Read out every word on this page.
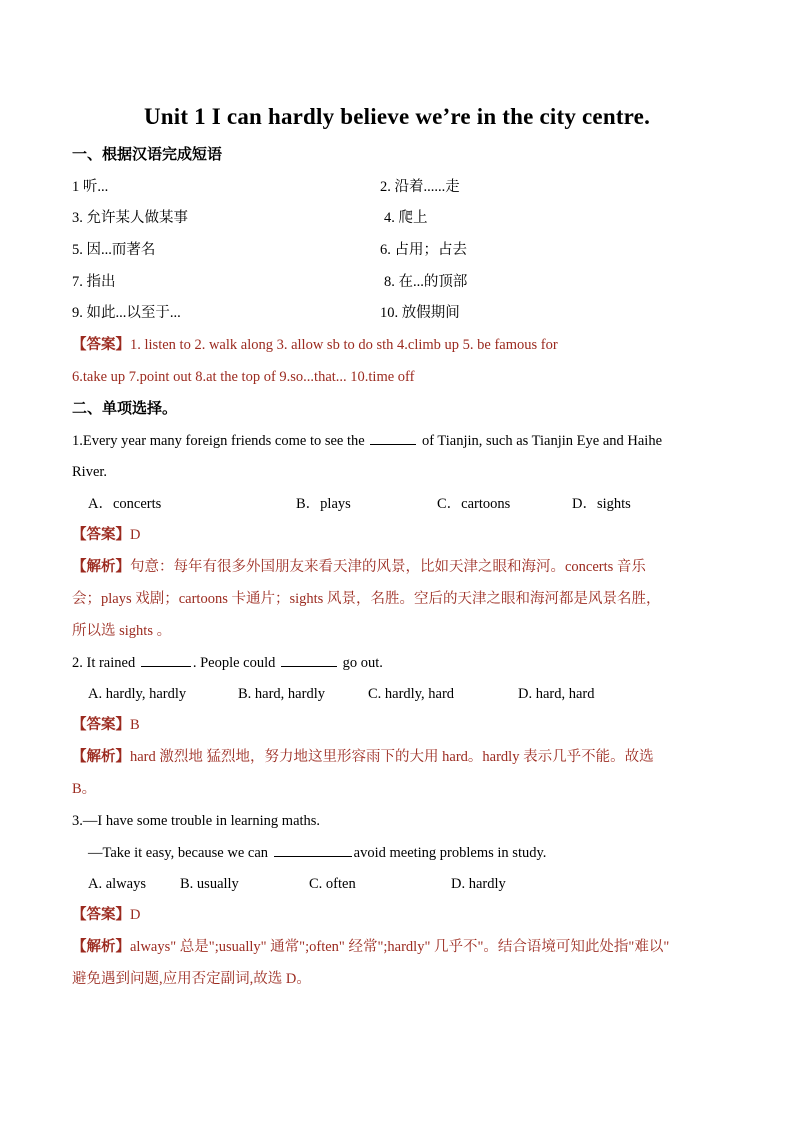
Unit 1 I can hardly believe we’re in the city centre.
一、根据汉语完成短语
1 听...	2. 沿着......走
3. 允许某人做某事	4. 爬上
5. 因...而著名	6. 占用；占去
7. 指出	8. 在...的顶部
9. 如此...以至于...	10. 放假期间
【答案】1. listen to 2. walk along 3. allow sb to do sth 4.climb up 5. be famous for
6.take up 7.point out 8.at the top of 9.so...that... 10.time off
二、单项选择。
1.Every year many foreign friends come to see the	of Tianjin, such as Tianjin Eye and Haihe
River.
A．concerts	B．plays	C．cartoons	D．sights
【答案】D
【解析】句意：每年有很多外国朋友来看天津的风景，比如天津之眼和海河。concerts 音乐
会；plays 戏剧；cartoons 卡通片；sights 风景，名胜。空后的天津之眼和海河都是风景名胜，
所以选 sights 。
2. It rained	. People could	go out.
A. hardly, hardly	B. hard, hardly	C. hardly, hard	D. hard, hard
【答案】B
【解析】hard 激烈地 猛烈地，努力地这里形容雨下的大用 hard。hardly 表示几乎不能。故选
B。
3.—I have some trouble in learning maths.
—Take it easy, because we can	avoid meeting problems in study.
A. always B. usually	C. often	D. hardly
【答案】D
【解析】always" 总是";usually" 通常";often" 经常";hardly" 几乎不"。结合语境可知此处指"难以"
避免遇到问题,应用否定副词,故选 D。
